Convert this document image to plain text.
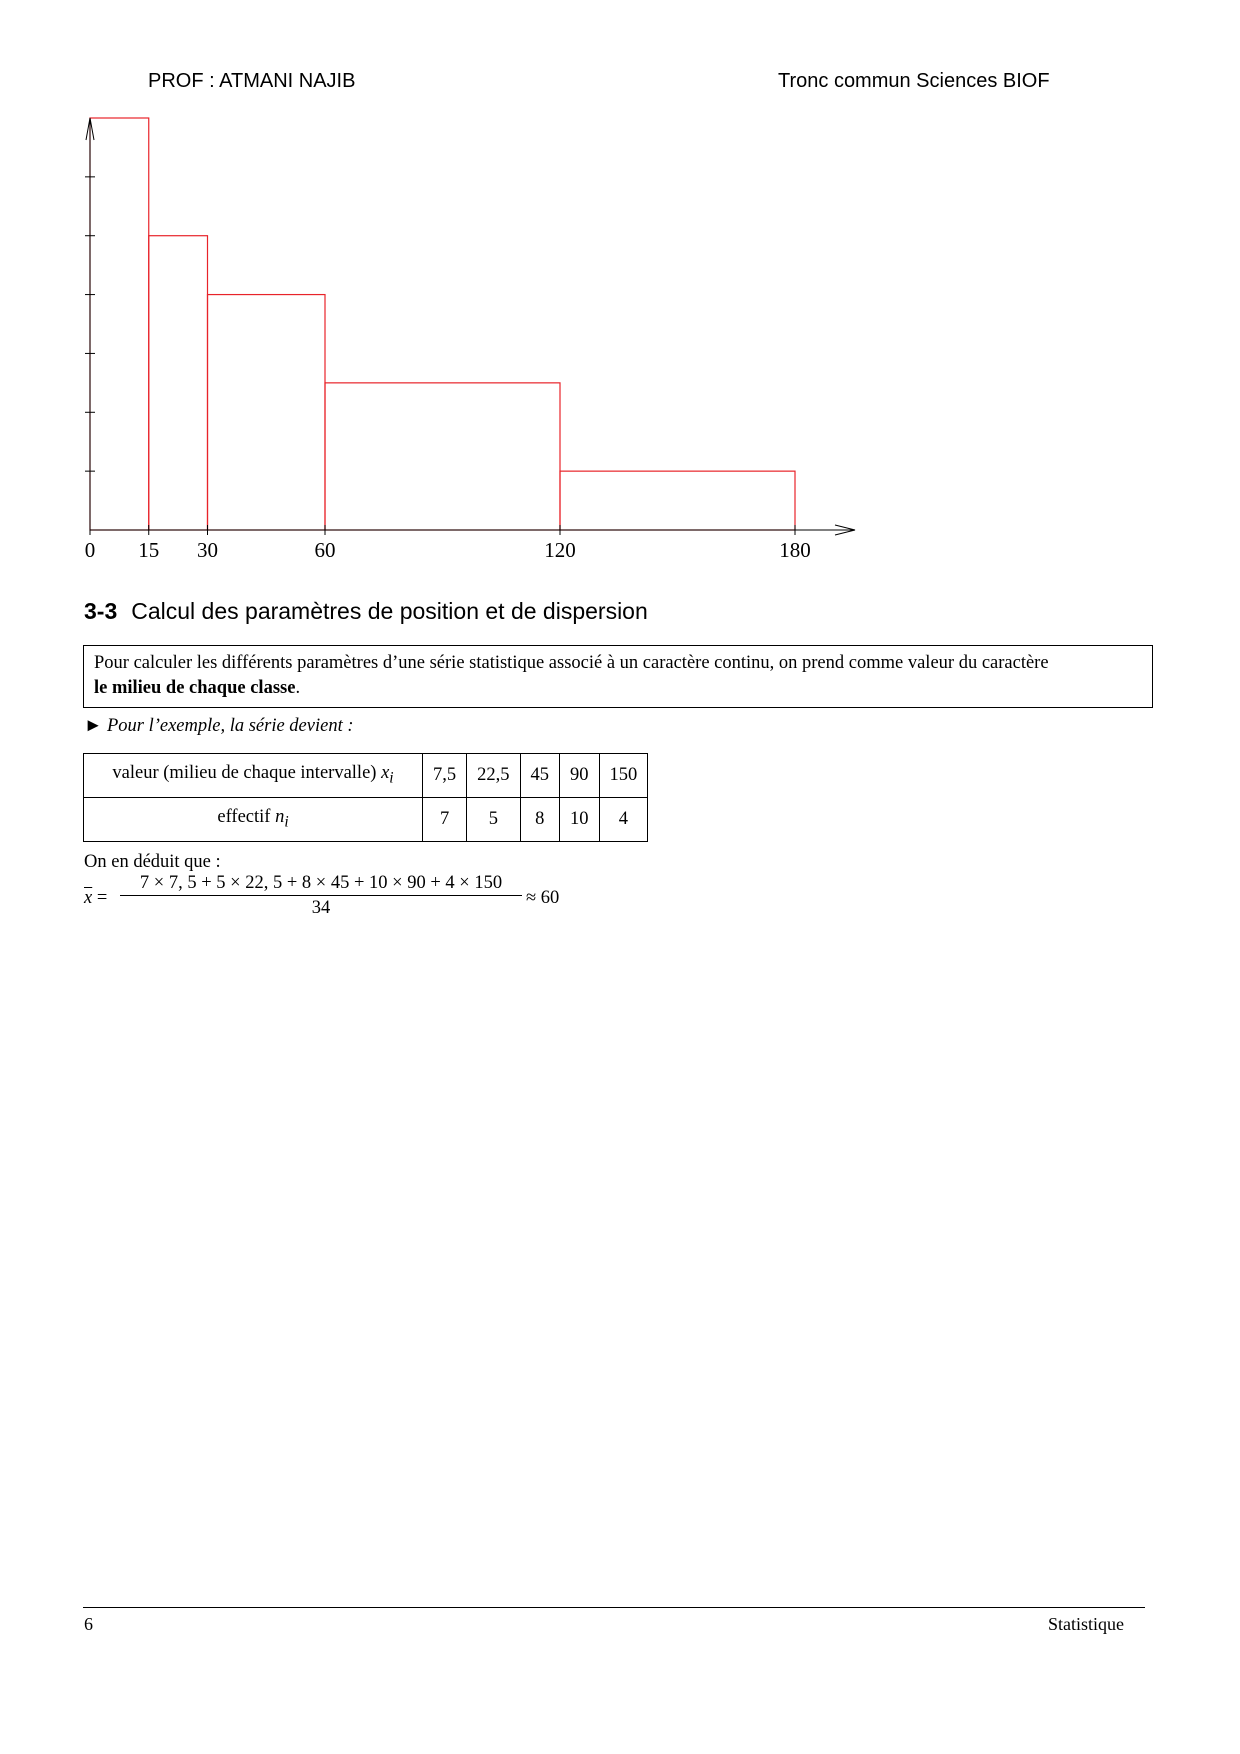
PROF : ATMANI NAJIB	Tronc commun Sciences BIOF
0 15 30	60	120	180
3-3 Calcul des paramètres de position et de dispersion
Pour calculer les différents paramètres d’une série statistique associé à un caractère continu, on prend comme valeur du caractère
le milieu de chaque classe.
► Pour l’exemple, la série devient :
valeur (milieu de chaque intervalle) $x_i$	7,5	22,5	45	90	150
effectif $n_i$	7	5	8	10	4
On en déduit que :
$\overline{x}$ =
7 × 7, 5 + 5 × 22, 5 + 8 × 45 + 10 × 90 + 4 × 150
34	≈ 60
6	Statistique
